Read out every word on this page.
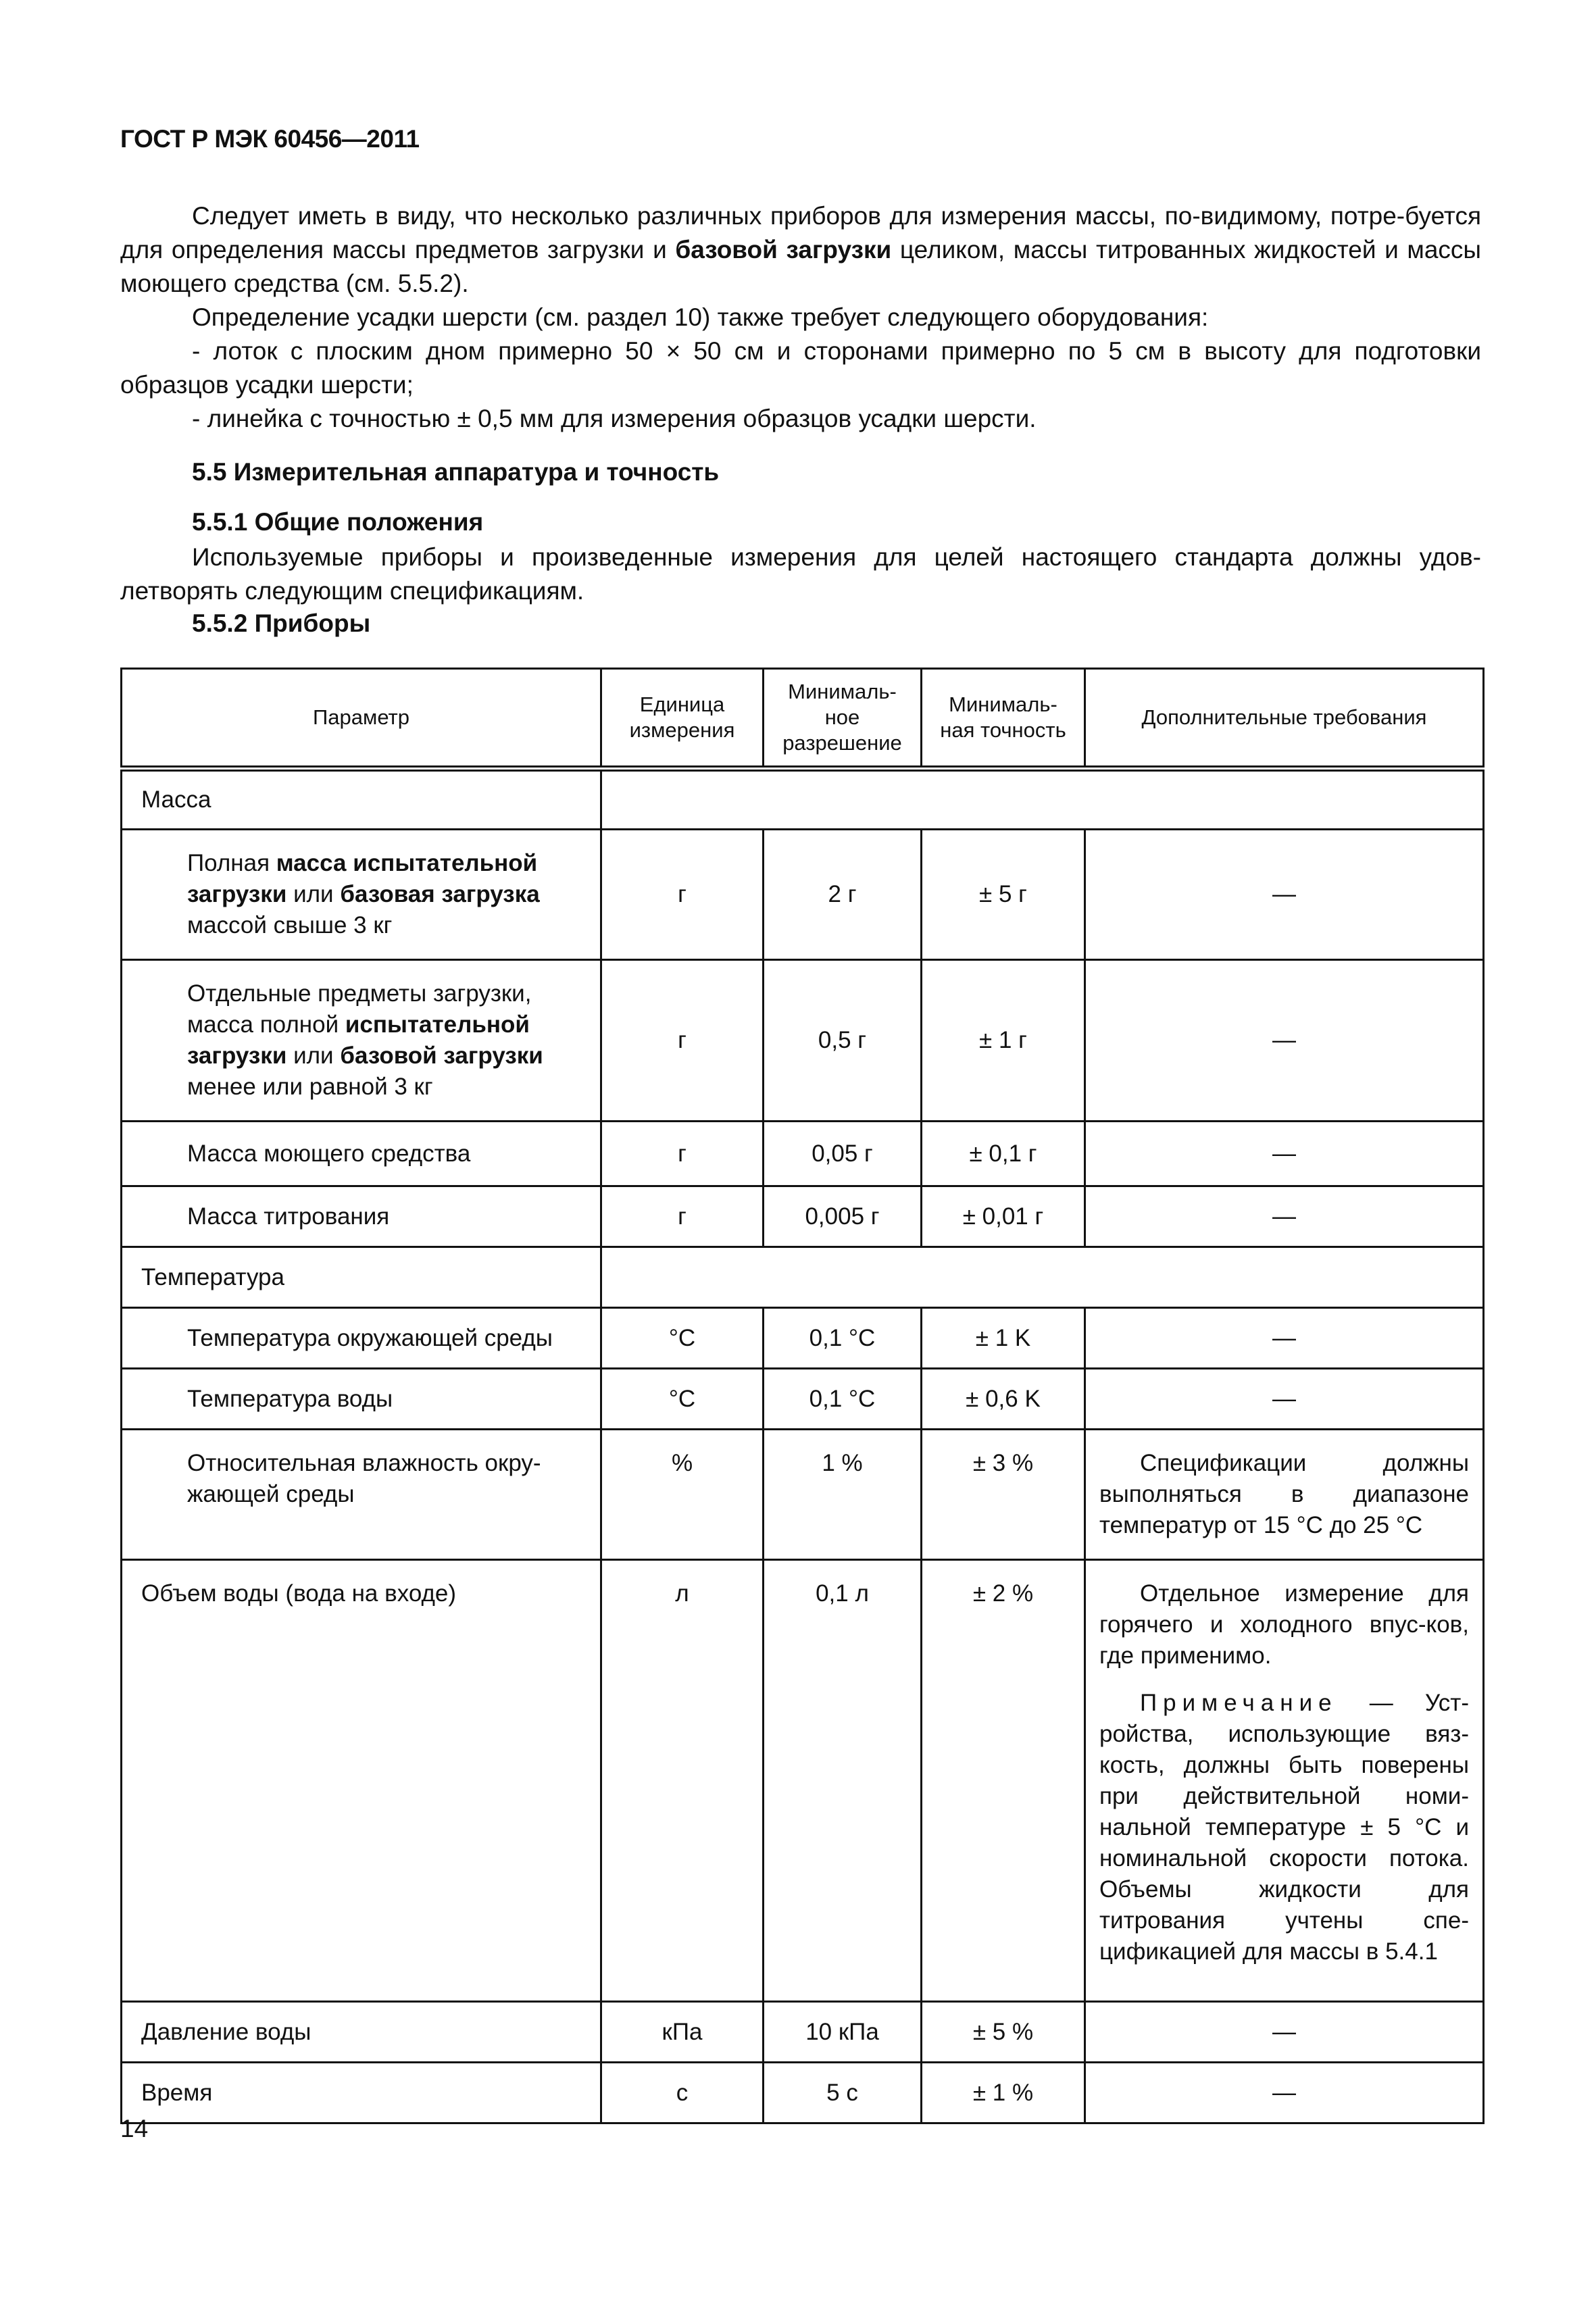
ГОСТ Р МЭК 60456—2011

Следует иметь в виду, что несколько различных приборов для измерения массы, по-видимому, потре-буется для определения массы предметов загрузки и базовой загрузки целиком, массы титрованных жидкостей и массы моющего средства (см. 5.5.2).

Определение усадки шерсти (см. раздел 10) также требует следующего оборудования:

- лоток с плоским дном примерно 50 × 50 см и сторонами примерно по 5 см в высоту для подготовки образцов усадки шерсти;

- линейка с точностью ± 0,5 мм для измерения образцов усадки шерсти.

5.5 Измерительная аппаратура и точность
5.5.1 Общие положения

Используемые приборы и произведенные измерения для целей настоящего стандарта должны удов-летворять следующим спецификациям.

5.5.2 Приборы
Параметр	Единица измерения	Минималь-ное разрешение	Минималь-ная точность	Дополнительные требования
Масса				
Полная масса испытательной загрузки или базовая загрузка массой свыше 3 кг	г	2 г	± 5 г	—
Отдельные предметы загрузки, масса полной испытательной загрузки или базовой загрузки менее или равной 3 кг	г	0,5 г	± 1 г	—
Масса моющего средства	г	0,05 г	± 0,1 г	—
Масса титрования	г	0,005 г	± 0,01 г	—
Температура				
Температура окружающей среды	°C	0,1 °C	± 1 K	—
Температура воды	°C	0,1 °C	± 0,6 K	—
Относительная влажность окру-жающей среды	%	1 %	± 3 %	Спецификации должны выполняться в диапазоне температур от 15 °C до 25 °C
Объем воды (вода на входе)	л	0,1 л	± 2 %	Отдельное измерение для горячего и холодного впус-ков, где применимо.
Примечание — Уст-ройства, использующие вяз-кость, должны быть поверены при действительной номи-нальной температуре ± 5 °C и номинальной скорости потока. Объемы жидкости для титрования учтены спе-цификацией для массы в 5.4.1

Давление воды	кПа	10 кПа	± 5 %	—
Время	с	5 с	± 1 %	—
14
